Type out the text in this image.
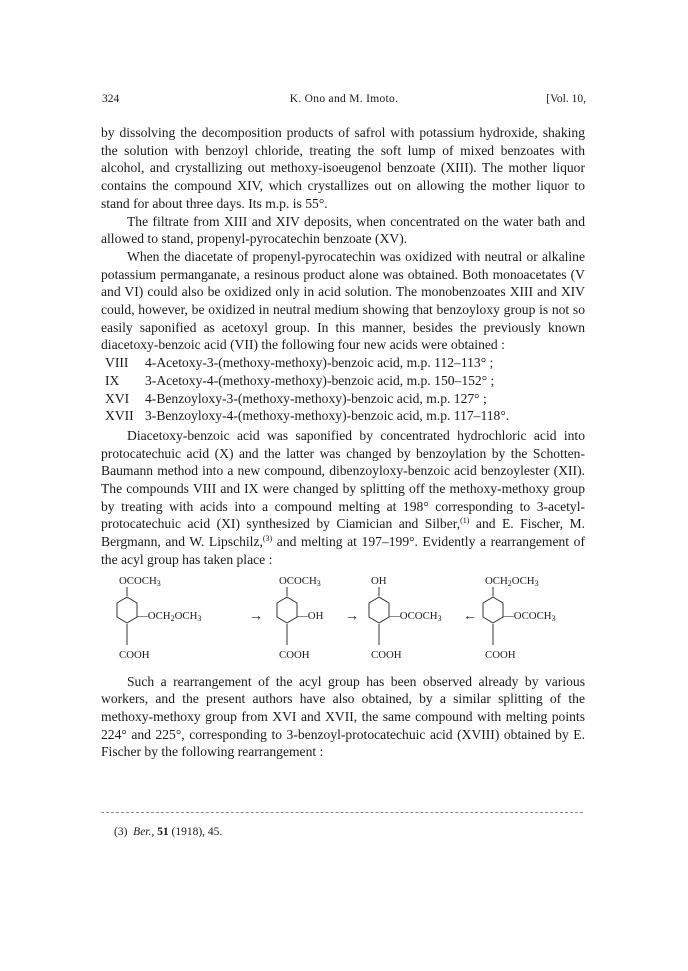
324	K. Ono and M. Imoto.	[Vol. 10,

by dissolving the decomposition products of safrol with potassium hydroxide, shaking the solution with benzoyl chloride, treating the soft lump of mixed benzoates with alcohol, and crystallizing out methoxy-isoeugenol benzoate (XIII). The mother liquor contains the compound XIV, which crystallizes out on allowing the mother liquor to stand for about three days. Its m.p. is 55°.

The filtrate from XIII and XIV deposits, when concentrated on the water bath and allowed to stand, propenyl-pyrocatechin benzoate (XV).

When the diacetate of propenyl-pyrocatechin was oxidized with neutral or alkaline potassium permanganate, a resinous product alone was obtained. Both monoacetates (V and VI) could also be oxidized only in acid solution. The monobenzoates XIII and XIV could, however, be oxidized in neutral medium showing that benzoyloxy group is not so easily saponified as acetoxyl group. In this manner, besides the previously known diacetoxy-benzoic acid (VII) the following four new acids were obtained :

VIII	4-Acetoxy-3-(methoxy-methoxy)-benzoic acid, m.p. 112–113° ;
IX	3-Acetoxy-4-(methoxy-methoxy)-benzoic acid, m.p. 150–152° ;
XVI	4-Benzoyloxy-3-(methoxy-methoxy)-benzoic acid, m.p. 127° ;
XVII 3-Benzoyloxy-4-(methoxy-methoxy)-benzoic acid, m.p. 117–118°.

Diacetoxy-benzoic acid was saponified by concentrated hydrochloric acid into protocatechuic acid (X) and the latter was changed by benzoylation by the Schotten-Baumann method into a new compound, dibenzoyloxy-benzoic acid benzoylester (XII). The compounds VIII and IX were changed by splitting off the methoxy-methoxy group by treating with acids into a compound melting at 198° corresponding to 3-acetyl-protocatechuic acid (XI) synthesized by Ciamician and Silber,$^{(1)}$ and E. Fischer, M. Bergmann, and W. Lipschilz,$^{(3)}$ and melting at 197–199°. Evidently a rearrangement of the acyl group has taken place :

$OCOCH_3$
$—OCH_2OCH_3$
COOH
→
$OCOCH_3$
—OH
COOH
→
OH
$—OCOCH_3$
COOH
←
$OCH_2OCH_3$
$—OCOCH_3$
COOH

Such a rearrangement of the acyl group has been observed already by various workers, and the present authors have also obtained, by a similar splitting of the methoxy-methoxy group from XVI and XVII, the same compound with melting points 224° and 225°, corresponding to 3-benzoyl-protocatechuic acid (XVIII) obtained by E. Fischer by the following rearrangement :

(3) Ber., 51 (1918), 45.
